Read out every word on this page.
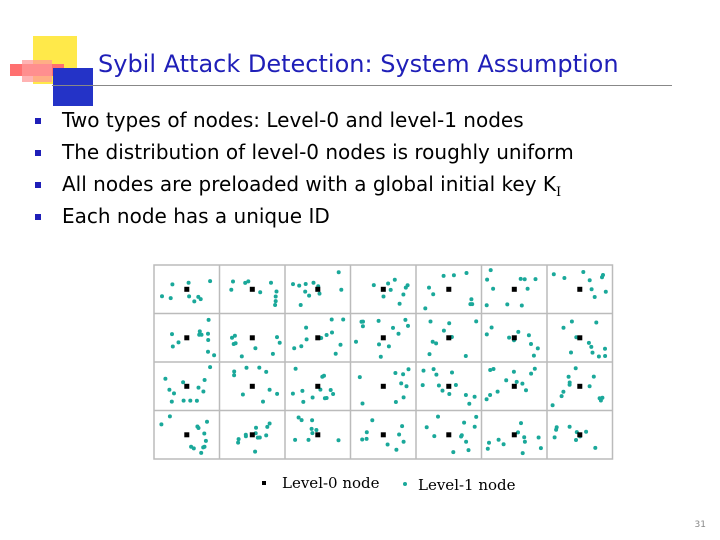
Sybil Attack Detection: System Assumption
Two types of nodes: Level-0 and level-1 nodes
The distribution of level-0 nodes is roughly uniform
All nodes are preloaded with a global initial key $K_I$
Each node has a unique ID
Level-0 node	Level-1 node
31
